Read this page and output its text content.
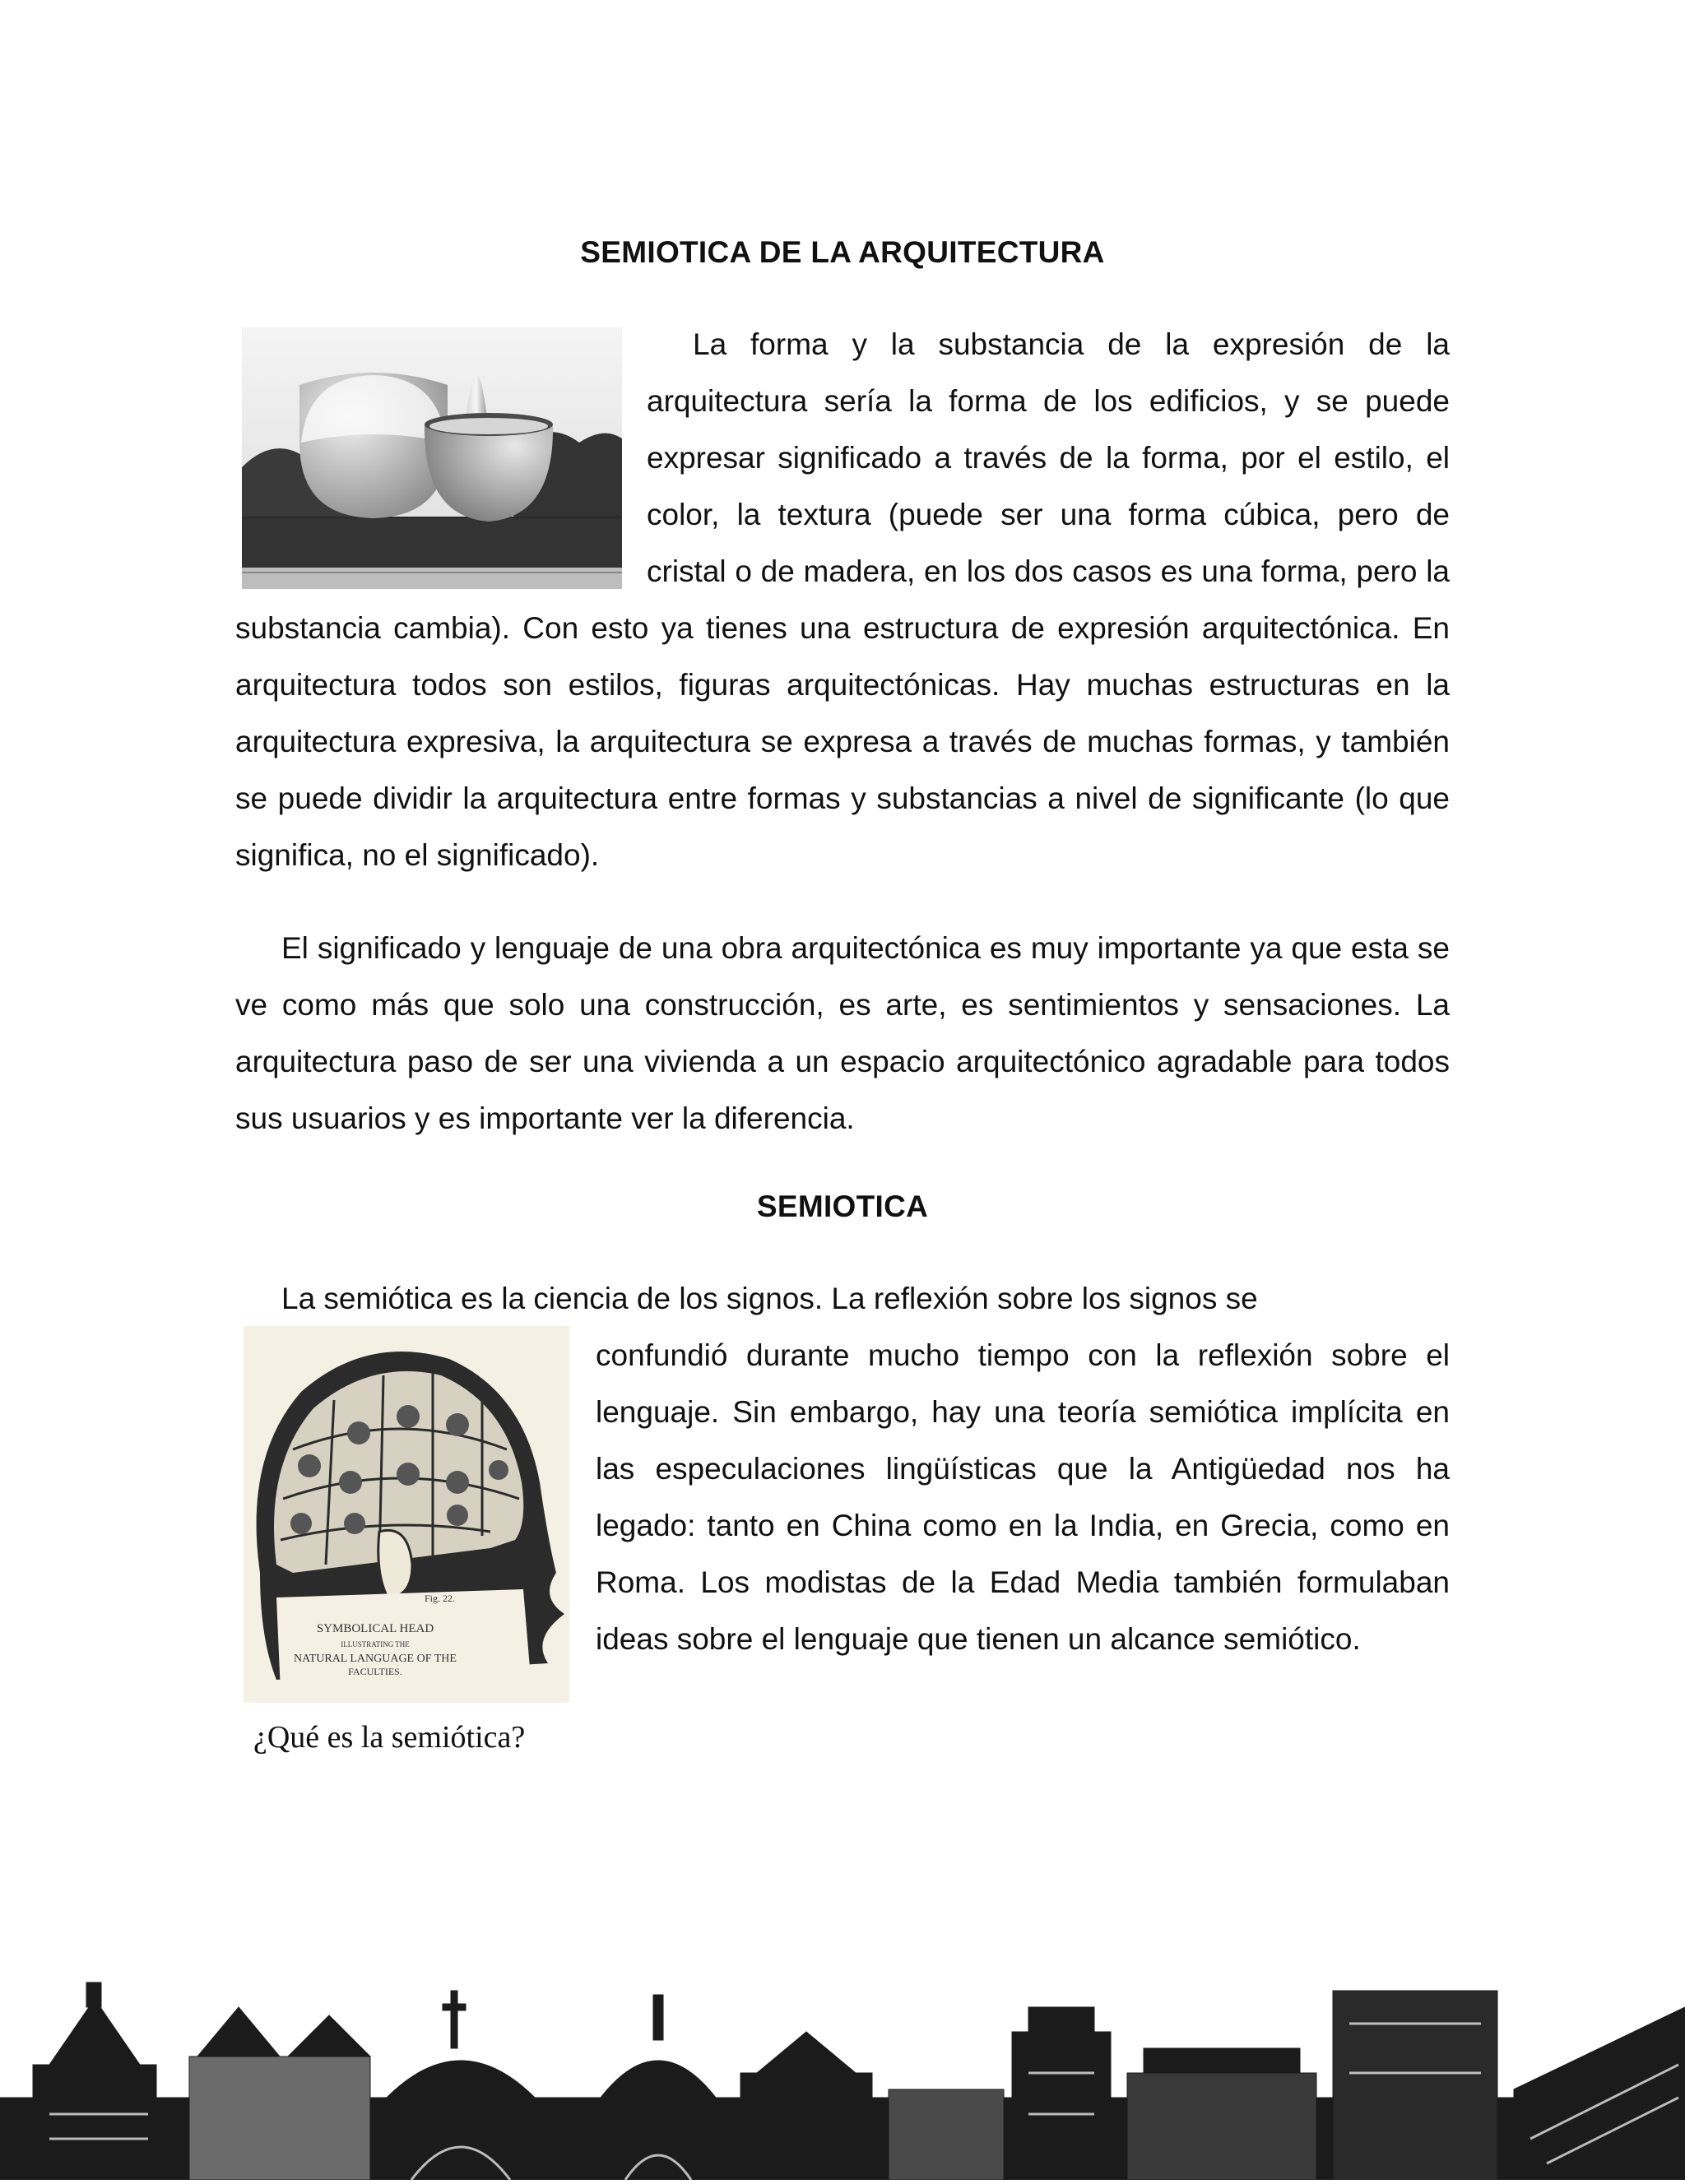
SEMIOTICA DE LA ARQUITECTURA

La forma y la substancia de la expresión de la arquitectura sería la forma de los edificios, y se puede expresar significado a través de la forma, por el estilo, el color, la textura (puede ser una forma cúbica, pero de cristal o de madera, en los dos casos es una forma, pero la substancia cambia). Con esto ya tienes una estructura de expresión arquitectónica. En arquitectura todos son estilos, figuras arquitectónicas. Hay muchas estructuras en la arquitectura expresiva, la arquitectura se expresa a través de muchas formas, y también se puede dividir la arquitectura entre formas y substancias a nivel de significante (lo que significa, no el significado).

El significado y lenguaje de una obra arquitectónica es muy importante ya que esta se ve como más que solo una construcción, es arte, es sentimientos y sensaciones. La arquitectura paso de ser una vivienda a un espacio arquitectónico agradable para todos sus usuarios y es importante ver la diferencia.

SEMIOTICA
Fig. 22.
SYMBOLICAL HEAD
ILLUSTRATING THE
NATURAL LANGUAGE OF THE
FACULTIES.

La semiótica es la ciencia de los signos. La reflexión sobre los signos se

confundió durante mucho tiempo con la reflexión sobre el lenguaje. Sin embargo, hay una teoría semiótica implícita en las especulaciones lingüísticas que la Antigüedad nos ha legado: tanto en China como en la India, en Grecia, como en Roma. Los modistas de la Edad Media también formulaban ideas sobre el lenguaje que tienen un alcance semiótico.

¿Qué es la semiótica?
